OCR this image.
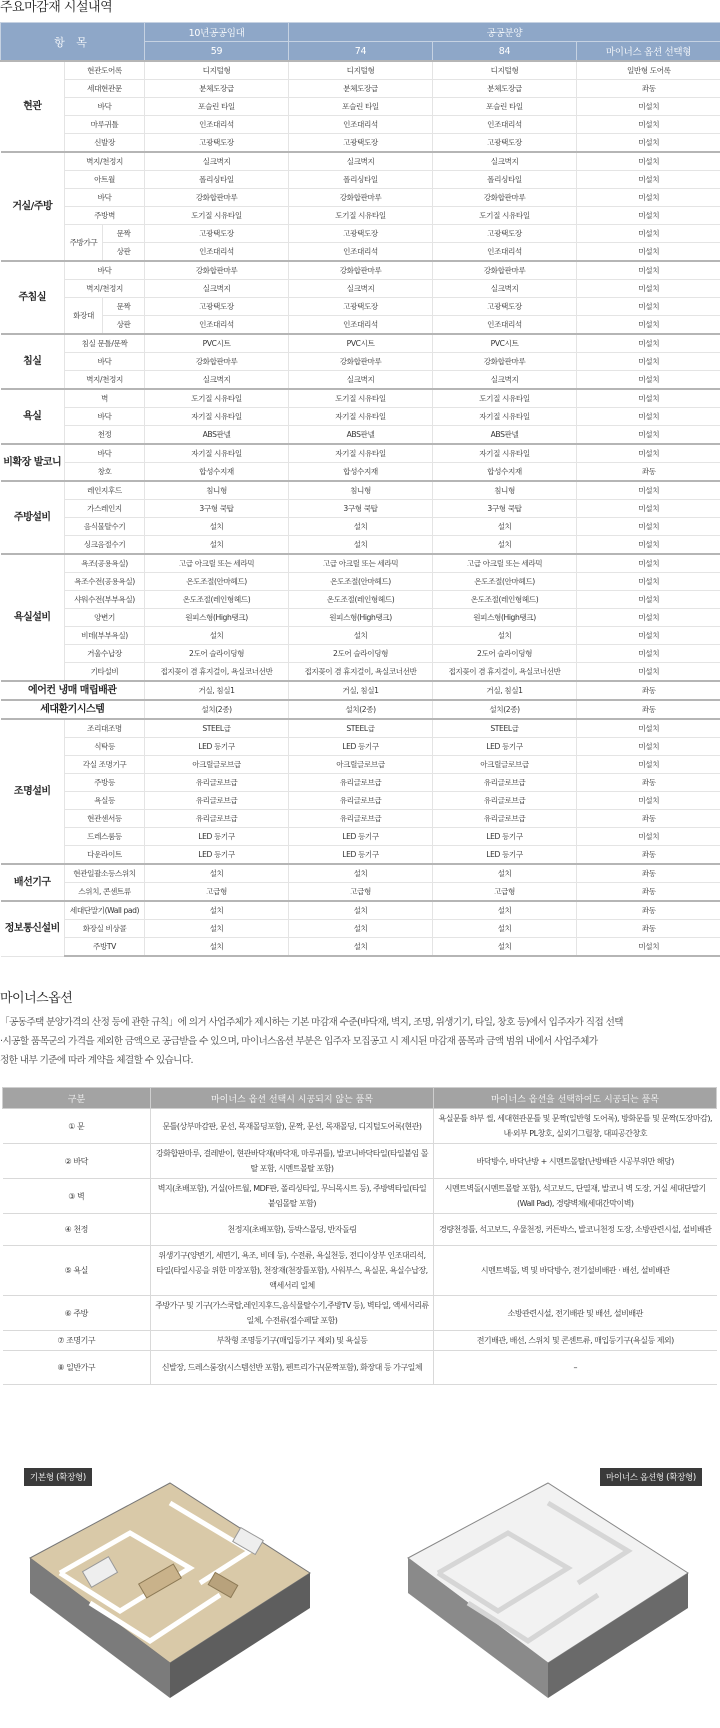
주요마감재 시설내역
항 목			10년공공임대	공공분양		
			59	74	84	마이너스 옵션 선택형
현관	현관도어록		디지털형	디지털형	디지털형	일반형 도어록
	세대현관문		분체도장급	분체도장급	분체도장급	좌동
	바닥		포슬린 타일	포슬린 타일	포슬린 타일	미설치
	마루귀틀		인조대리석	인조대리석	인조대리석	미설치
	신발장		고광택도장	고광택도장	고광택도장	미설치
거실/주방	벽지/천정지		실크벽지	실크벽지	실크벽지	미설치
	아트월		폴리싱타일	폴리싱타일	폴리싱타일	미설치
	바닥		강화합판마루	강화합판마루	강화합판마루	미설치
	주방벽		도기질 시유타일	도기질 시유타일	도기질 시유타일	미설치
	주방가구	문짝	고광택도장	고광택도장	고광택도장	미설치
		상판	인조대리석	인조대리석	인조대리석	미설치
주침실	바닥		강화합판마루	강화합판마루	강화합판마루	미설치
	벽지/천정지		실크벽지	실크벽지	실크벽지	미설치
	화장대	문짝	고광택도장	고광택도장	고광택도장	미설치
		상판	인조대리석	인조대리석	인조대리석	미설치
침실	침실 문틀/문짝		PVC시트	PVC시트	PVC시트	미설치
	바닥		강화합판마루	강화합판마루	강화합판마루	미설치
	벽지/천정지		실크벽지	실크벽지	실크벽지	미설치
욕실	벽		도기질 시유타일	도기질 시유타일	도기질 시유타일	미설치
	바닥		자기질 시유타일	자기질 시유타일	자기질 시유타일	미설치
	천정		ABS판넬	ABS판넬	ABS판넬	미설치
비확장 발코니	바닥		자기질 시유타일	자기질 시유타일	자기질 시유타일	미설치
	창호		합성수지재	합성수지재	합성수지재	좌동
주방설비	레인지후드		침니형	침니형	침니형	미설치
	가스레인지		3구형 쿡탑	3구형 쿡탑	3구형 쿡탑	미설치
	음식물탈수기		설치	설치	설치	미설치
	싱크음절수기		설치	설치	설치	미설치
욕실설비	욕조(공용욕실)		고급 아크릴 또는 세라믹	고급 아크릴 또는 세라믹	고급 아크릴 또는 세라믹	미설치
	욕조수전(공용욕실)		온도조절(안마헤드)	온도조절(안마헤드)	온도조절(안마헤드)	미설치
	샤워수전(부부욕실)		온도조절(레인형헤드)	온도조절(레인형헤드)	온도조절(레인형헤드)	미설치
	양변기		원피스형(High탱크)	원피스형(High탱크)	원피스형(High탱크)	미설치
	비데(부부욕실)		설치	설치	설치	미설치
	거울수납장		2도어 슬라이딩형	2도어 슬라이딩형	2도어 슬라이딩형	미설치
	기타설비		접지꽂이 겸 휴지걸이, 욕실코너선반	접지꽂이 겸 휴지걸이, 욕실코너선반	접지꽂이 겸 휴지걸이, 욕실코너선반	미설치
에어컨 냉매 매립배관			거실, 침실1	거실, 침실1	거실, 침실1	좌동
세대환기시스템			설치(2종)	설치(2종)	설치(2종)	좌동
조명설비	조리대조명		STEEL급	STEEL급	STEEL급	미설치
	식탁등		LED 등기구	LED 등기구	LED 등기구	미설치
	각실 조명기구		아크릴글로브급	아크릴글로브급	아크릴글로브급	미설치
	주방등		유리글로브급	유리글로브급	유리글로브급	좌동
	욕실등		유리글로브급	유리글로브급	유리글로브급	미설치
	현관센서등		유리글로브급	유리글로브급	유리글로브급	좌동
	드레스룸등		LED 등기구	LED 등기구	LED 등기구	미설치
	다운라이트		LED 등기구	LED 등기구	LED 등기구	좌동
배선기구	현관일괄소등스위치		설치	설치	설치	좌동
	스위치, 콘센트류		고급형	고급형	고급형	좌동
정보통신설비	세대단말기(Wall pad)		설치	설치	설치	좌동
	화장실 비상콜		설치	설치	설치	좌동
	주방TV		설치	설치	설치	미설치
마이너스옵션

「공동주택 분양가격의 산정 등에 관한 규칙」에 의거 사업주체가 제시하는 기본 마감재 수준(바닥재, 벽지, 조명, 위생기기, 타일, 창호 등)에서 입주자가 직접 선택
·시공할 품목군의 가격을 제외한 금액으로 공급받을 수 있으며, 마이너스옵션 부분은 입주자 모집공고 시 제시된 마감재 품목과 금액 범위 내에서 사업주체가
정한 내부 기준에 따라 계약을 체결할 수 있습니다.

구분	마이너스 옵션 선택시 시공되지 않는 품목	마이너스 옵션을 선택하여도 시공되는 품목
① 문	문틀(상부마감판, 문선, 목재몰딩포함), 문짝, 문선, 목재몰딩, 디지털도어록(현관)	욕실문틀 하부 씰, 세대현관문틀 및 문짝(일반형 도어록), 방화문틀 및 문짝(도장마감), 내·외부 PL창호, 실외기그릴창, 대피공간창호
② 바닥	강화합판마루, 걸레받이, 현관바닥재(바닥재, 마루귀틀), 발코니바닥타일(타일붙임 몰탈 포함, 시멘트몰탈 포함)	바닥방수, 바닥난방 + 시멘트몰탈(난방배관 시공부위만 해당)
③ 벽	벽지(초배포함), 거실(아트월, MDF판, 폴리싱타일, 무늬목시트 등), 주방벽타일(타일붙임몰탈 포함)	시멘트벽돌(시멘트몰탈 포함), 석고보드, 단열재, 발코니 벽 도장, 거실 세대단말기(Wall Pad), 경량벽체(세대간막이벽)
④ 천정	천정지(초배포함), 등박스몰딩, 반자돌림	경량천정틀, 석고보드, 우물천정, 커튼박스, 발코니천정 도장, 소방관련시설, 설비배관
⑤ 욕실	위생기구(양변기, 세면기, 욕조, 비데 등), 수전류, 욕실천등, 전디이상부 인조대리석, 타일(타일시공을 위한 미장포함), 천장재(천장틀포함), 사워부스, 욕실문, 욕실수납장, 액세서리 일체	시멘트벽돌, 벽 및 바닥방수, 전기설비배관 · 배선, 설비배관
⑥ 주방	주방가구 및 기구(가스쿡탑,레인지후드,음식물탈수기,주방TV 등), 벽타일, 액세서리류 일체, 수전류(절수페달 포함)	소방관련시설, 전기배관 및 배선, 설비배관
⑦ 조명기구	부착형 조명등기구(매입등기구 제외) 및 욕실등	전기배관, 배선, 스위치 및 콘센트류, 매입등기구(욕실등 제외)
⑧ 일반가구	신발장, 드레스룸장(시스템선반 포함), 펜트리가구(문짝포함), 화장대 등 가구일체	–
기본형 (확장형)	마이너스 옵션형 (확장형)
